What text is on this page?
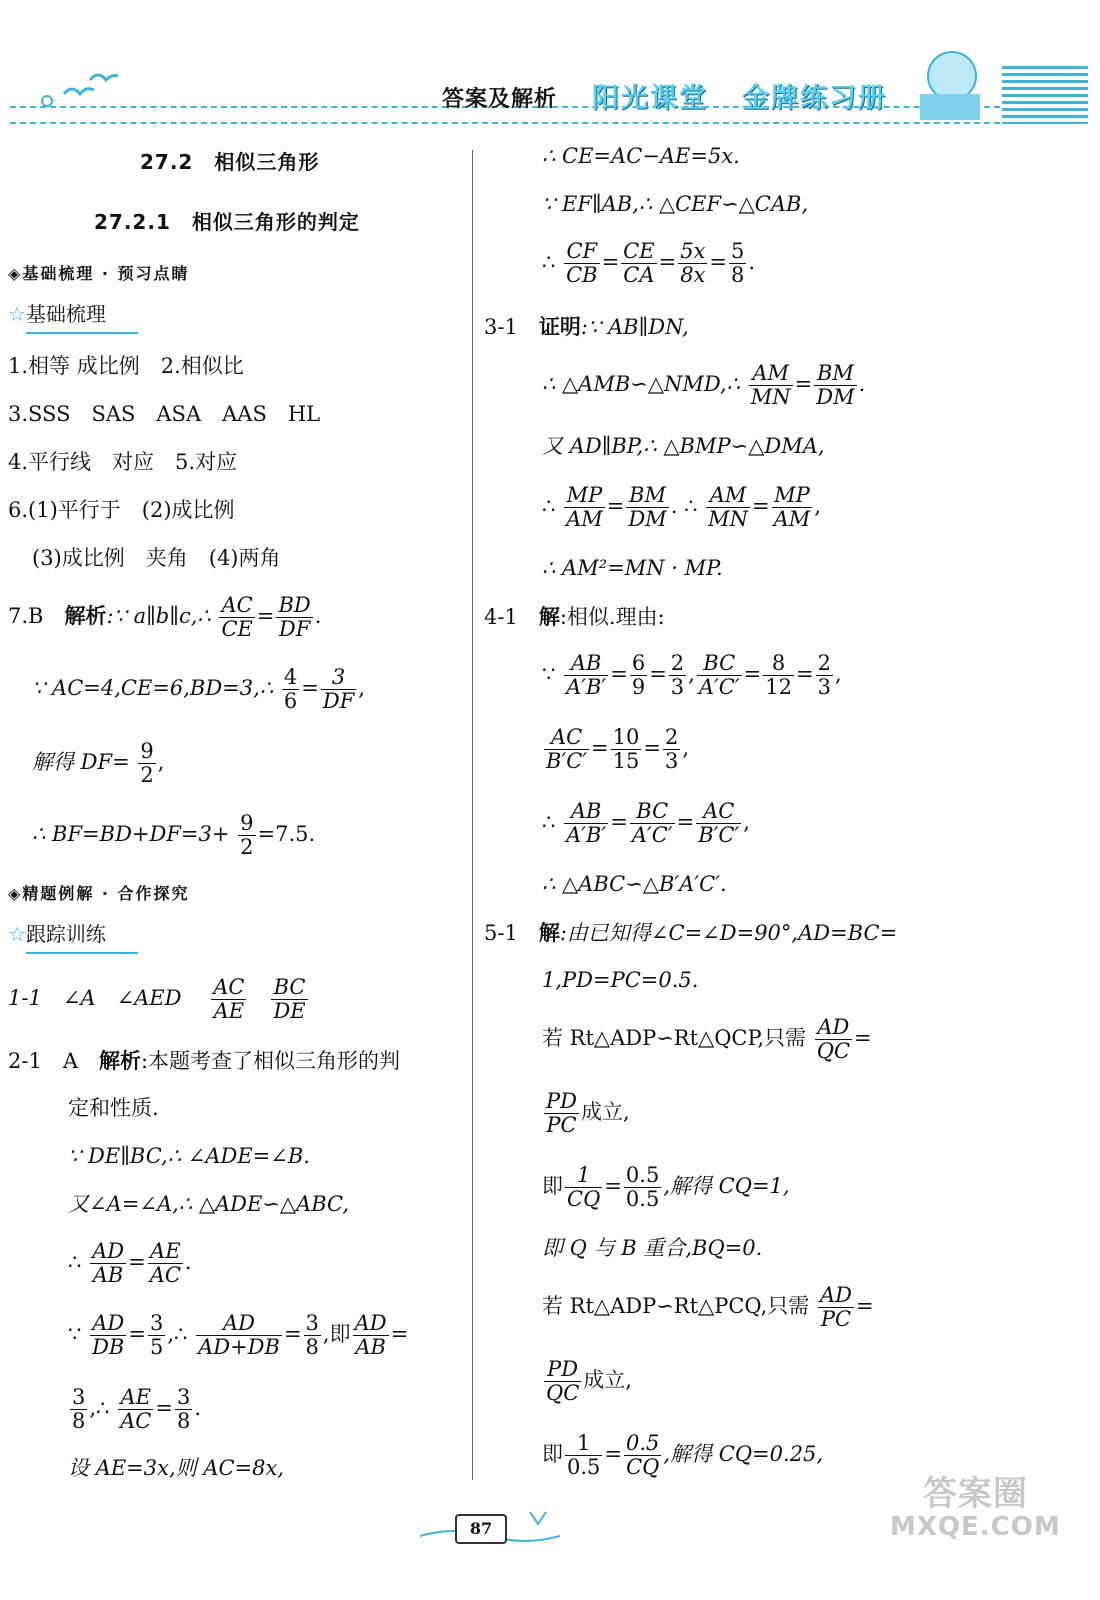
答案及解析 阳光课堂 金牌练习册
27.2　相似三角形
27.2.1　相似三角形的判定
◈基础梳理 · 预习点睛
☆基础梳理
1.相等 成比例　2.相似比
3.SSS　SAS　ASA　AAS　HL
4.平行线　对应　5.对应
6.(1)平行于　(2)成比例
(3)成比例　夹角　(4)两角
7.B　解析:∵ a∥b∥c,∴ $\frac{AC}{CE} = \frac{BD}{DF}$ .
∵ AC=4,CE=6,BD=3,∴ $\frac{4}{6} = \frac{3}{DF}$ ,
解得 $DF= \frac{9}{2}$ ,
∴ $BF=BD+DF=3+ \frac{9}{2} =7.5$.
◈精题例解 · 合作探究
☆跟踪训练
1-1　∠A　∠AED　 $\frac{AC}{AE}$
　 $\frac{BC}{DE}$
2-1　A　解析:本题考查了相似三角形的判
定和性质.
∵ DE∥BC,∴ ∠ADE=∠B.
又∠A=∠A,∴ △ADE∽△ABC,
∴ $\frac{AD}{AB} = \frac{AE}{AC}$ .
∵ $\frac{AD}{DB} = \frac{3}{5}$ ,∴ $\frac{AD}{AD+DB} = \frac{3}{8}$ ,即 $\frac{AD}{AB}$ =
$\frac{3}{8}$ ,∴ $\frac{AE}{AC} = \frac{3}{8}$ .
设 AE=3x,则 AC=8x,
∴ CE=AC−AE=5x.
∵ EF∥AB,∴ △CEF∽△CAB,
∴ $\frac{CF}{CB} = \frac{CE}{CA} = \frac{5x}{8x} = \frac{5}{8}$ .
3-1　证明:∵ AB∥DN,
∴ △AMB∽△NMD,∴ $\frac{AM}{MN} = \frac{BM}{DM}$ .
又 AD∥BP,∴ △BMP∽△DMA,
∴ $\frac{MP}{AM} = \frac{BM}{DM}$ . ∴ $\frac{AM}{MN} = \frac{MP}{AM}$ ,
∴ AM²=MN · MP.
4-1　解:相似.理由:
∵ $\frac{AB}{A'B'} = \frac{6}{9} = \frac{2}{3}$ , $\frac{BC}{A'C'} = \frac{8}{12} = \frac{2}{3}$ ,
$\frac{AC}{B'C'} = \frac{10}{15} = \frac{2}{3}$ ,
∴ $\frac{AB}{A'B'} = \frac{BC}{A'C'} = \frac{AC}{B'C'}$ ,
∴ △ABC∽△B′A′C′.
5-1　解:由已知得∠C=∠D=90°,AD=BC=
1,PD=PC=0.5.
若 Rt△ADP∽Rt△QCP,只需 $\frac{AD}{QC}$ =
$\frac{PD}{PC}$ 成立,
即 $\frac{1}{CQ} = \frac{0.5}{0.5}$ ,解得 CQ=1,
即 Q 与 B 重合,BQ=0.
若 Rt△ADP∽Rt△PCQ,只需 $\frac{AD}{PC}$ =
$\frac{PD}{QC}$ 成立,
即 $\frac{1}{0.5} = \frac{0.5}{CQ}$ ,解得 CQ=0.25,
87
答案圈
MXQE.COM
